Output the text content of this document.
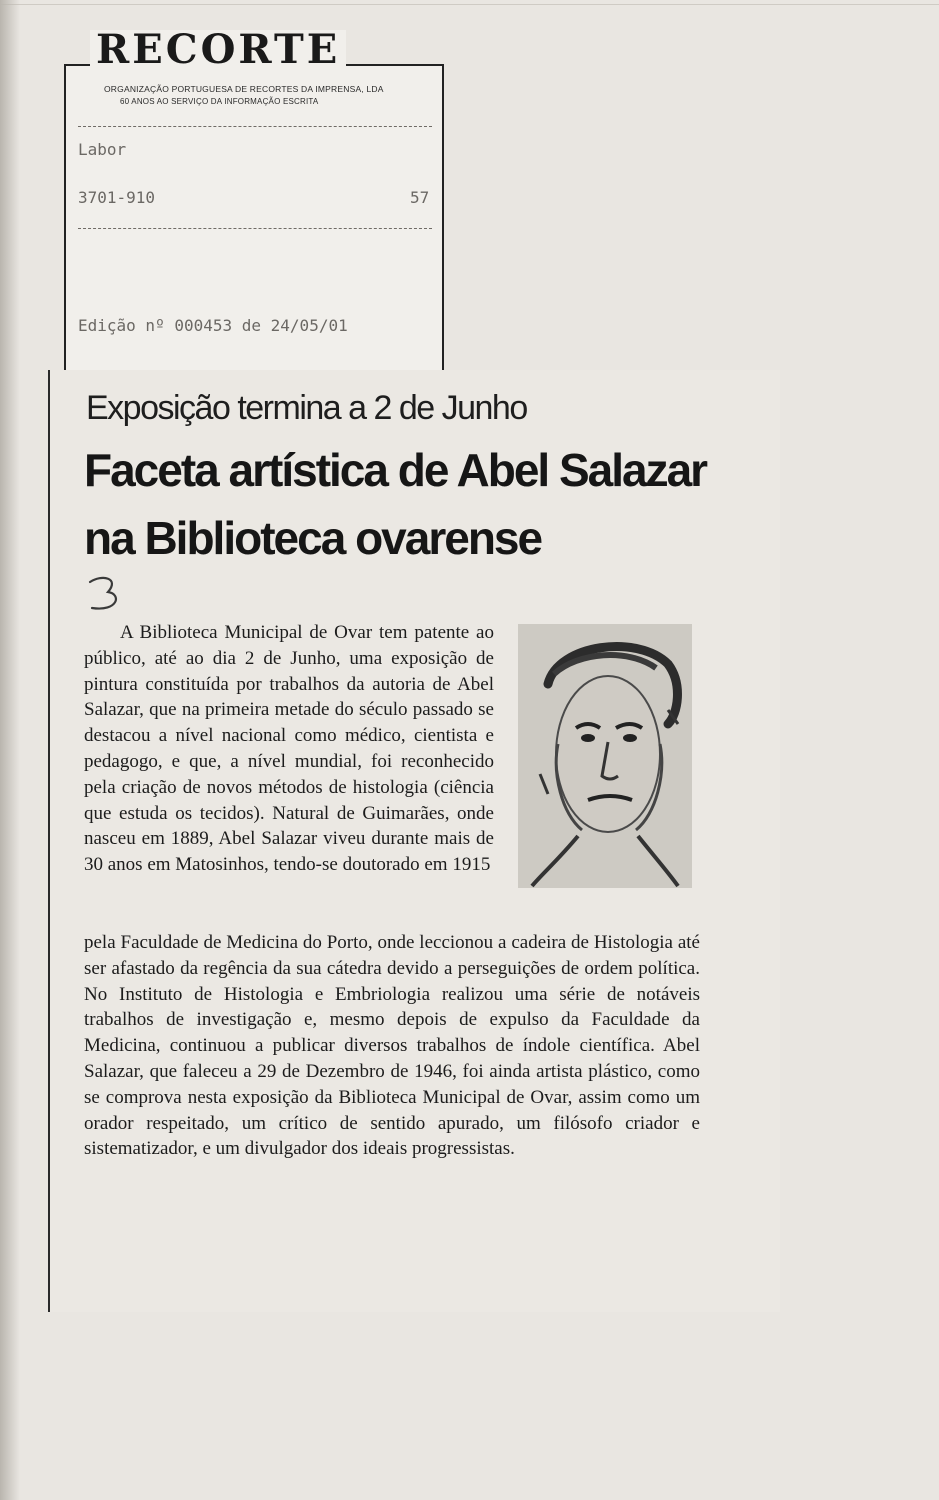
RECORTE
ORGANIZAÇÃO PORTUGUESA DE RECORTES DA IMPRENSA, LDA
60 ANOS AO SERVIÇO DA INFORMAÇÃO ESCRITA
Labor
3701-910	57
Edição nº 000453 de 24/05/01
Exposição termina a 2 de Junho
Faceta artística de Abel Salazar
na Biblioteca ovarense

A Biblioteca Municipal de Ovar tem patente ao público, até ao dia 2 de Junho, uma exposição de pintura constituída por trabalhos da autoria de Abel Salazar, que na primeira metade do século passado se destacou a nível nacional como médico, cientista e pedagogo, e que, a nível mundial, foi reconhecido pela criação de novos métodos de histologia (ciência que estuda os tecidos). Natural de Guimarães, onde nasceu em 1889, Abel Salazar viveu durante mais de 30 anos em Matosinhos, tendo-se doutorado em 1915

pela Faculdade de Medicina do Porto, onde leccionou a cadeira de Histologia até ser afastado da regência da sua cátedra devido a perseguições de ordem política. No Instituto de Histologia e Embriologia realizou uma série de notáveis trabalhos de investigação e, mesmo depois de expulso da Faculdade da Medicina, continuou a publicar diversos trabalhos de índole científica. Abel Salazar, que faleceu a 29 de Dezembro de 1946, foi ainda artista plástico, como se comprova nesta exposição da Biblioteca Municipal de Ovar, assim como um orador respeitado, um crítico de sentido apurado, um filósofo criador e sistematizador, e um divulgador dos ideais progressistas.
